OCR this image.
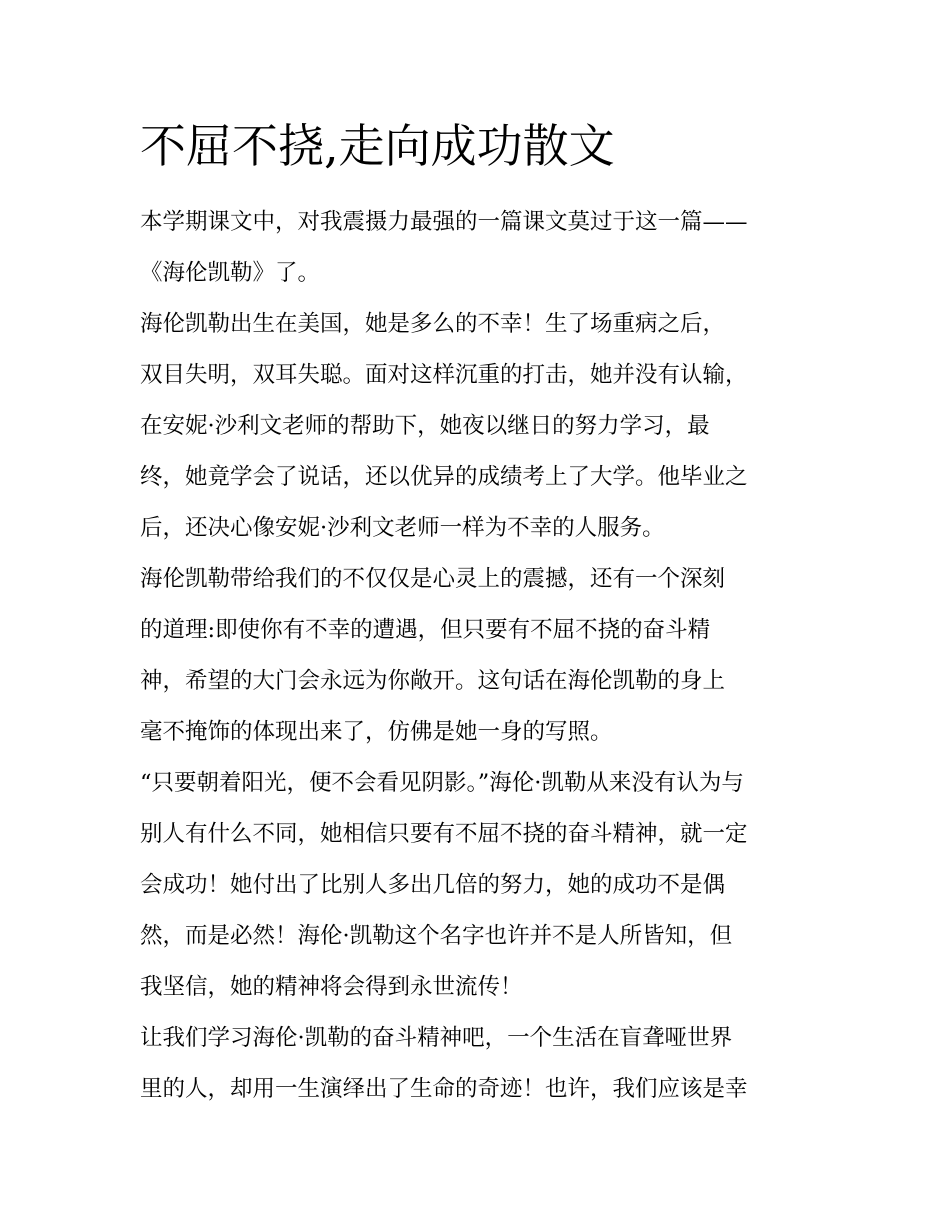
不屈不挠,走向成功散文

本学期课文中，对我震摄力最强的一篇课文莫过于这一篇——

《海伦凯勒》了。

海伦凯勒出生在美国，她是多么的不幸！生了场重病之后，

双目失明，双耳失聪。面对这样沉重的打击，她并没有认输，

在安妮·沙利文老师的帮助下，她夜以继日的努力学习，最

终，她竟学会了说话，还以优异的成绩考上了大学。他毕业之

后，还决心像安妮·沙利文老师一样为不幸的人服务。

海伦凯勒带给我们的不仅仅是心灵上的震撼，还有一个深刻

的道理:即使你有不幸的遭遇，但只要有不屈不挠的奋斗精

神，希望的大门会永远为你敞开。这句话在海伦凯勒的身上

毫不掩饰的体现出来了，仿佛是她一身的写照。

“只要朝着阳光，便不会看见阴影。”海伦·凯勒从来没有认为与

别人有什么不同，她相信只要有不屈不挠的奋斗精神，就一定

会成功！她付出了比别人多出几倍的努力，她的成功不是偶

然，而是必然！海伦·凯勒这个名字也许并不是人所皆知，但

我坚信，她的精神将会得到永世流传！

让我们学习海伦·凯勒的奋斗精神吧，一个生活在盲聋哑世界

里的人，却用一生演绎出了生命的奇迹！也许，我们应该是幸
